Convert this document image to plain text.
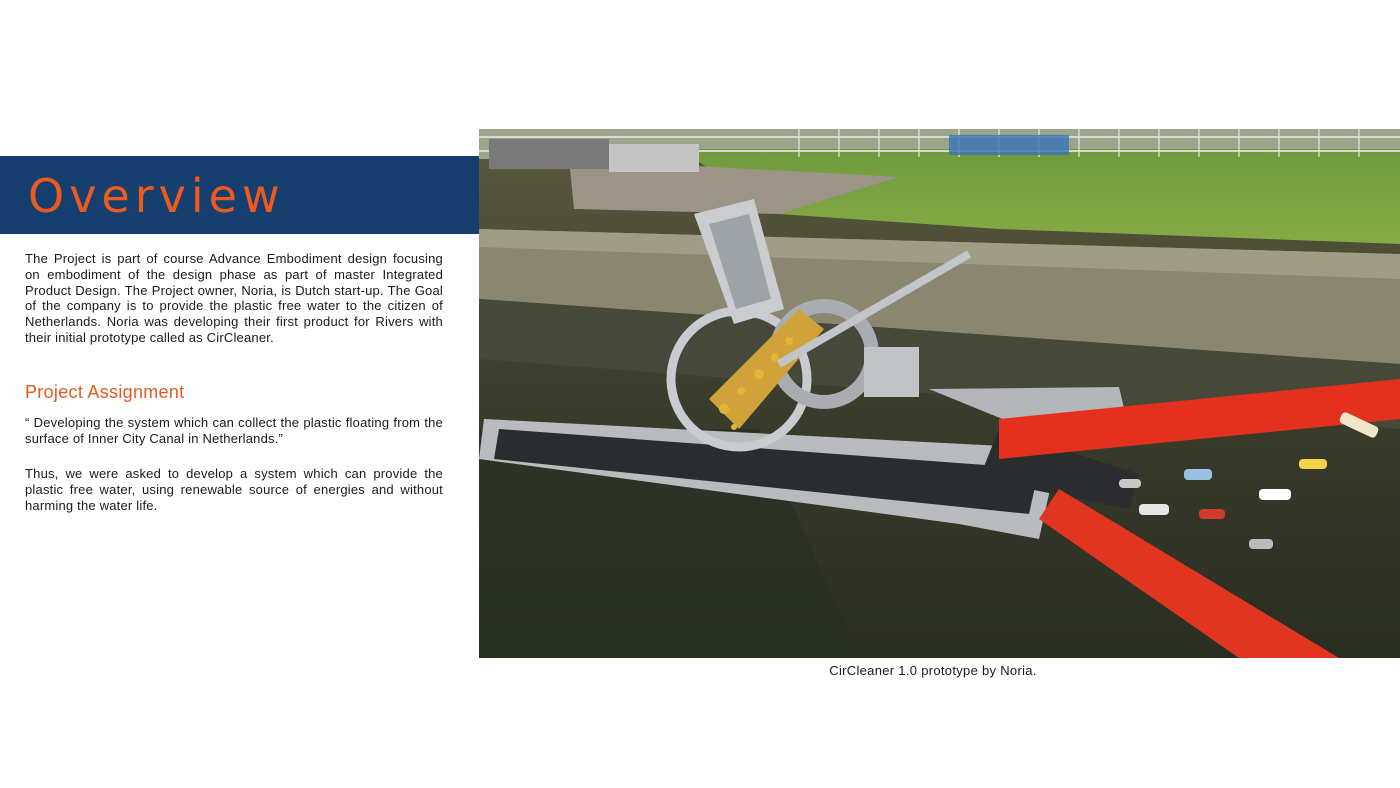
Overview

The Project is part of course Advance Embodiment design focusing on embodiment of the design phase as part of master Integrated Product Design. The Project owner, Noria, is Dutch start-up. The Goal of the company is to provide the plastic free water to the citizen of Netherlands. Noria was developing their first product for Rivers with their initial prototype called as CirCleaner.

Project Assignment

“ Developing the system which can collect the plastic floating from the surface of Inner City Canal in Netherlands.”

Thus, we were asked to develop a system which can provide the plastic free water, using renewable source of energies and without harming the water life.

CirCleaner 1.0 prototype by Noria.
